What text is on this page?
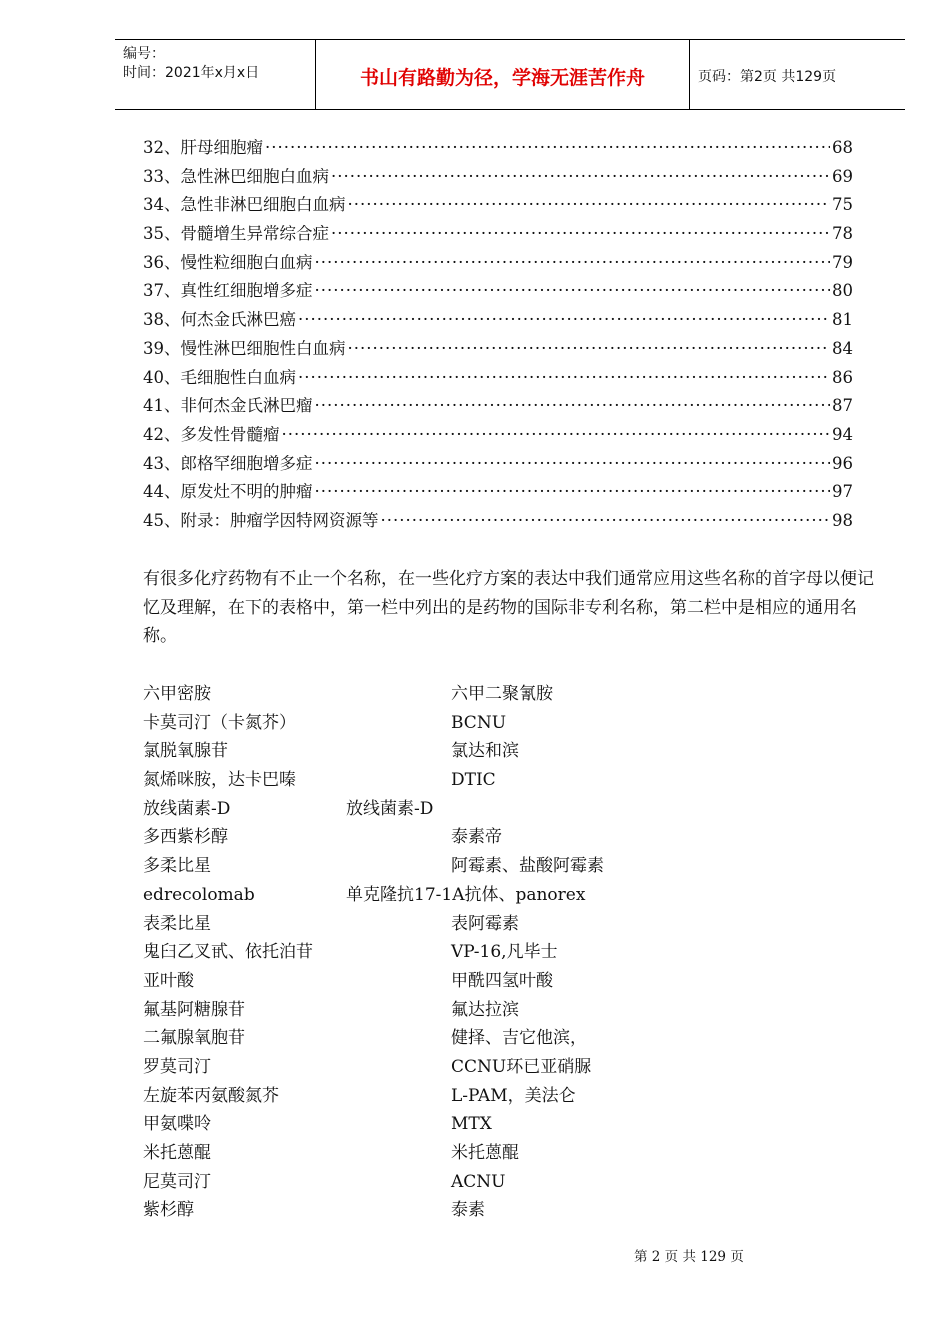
编号：
时间：2021年x月x日	书山有路勤为径，学海无涯苦作舟	页码：第2页 共129页
32、肝母细胞瘤 ·····	68
33、急性淋巴细胞白血病 ·····	69
34、急性非淋巴细胞白血病 ·····	75
35、骨髓增生异常综合症 ·····	78
36、慢性粒细胞白血病 ·····	79
37、真性红细胞增多症 ·····	80
38、何杰金氏淋巴癌 ·····	81
39、慢性淋巴细胞性白血病 ·····	84
40、毛细胞性白血病 ·····	86
41、非何杰金氏淋巴瘤 ·····	87
42、多发性骨髓瘤 ·····	94
43、郎格罕细胞增多症 ·····	96
44、原发灶不明的肿瘤 ·····	97
45、附录：肿瘤学因特网资源等 ·····	98
有很多化疗药物有不止一个名称，在一些化疗方案的表达中我们通常应用这些名称的首字母以便记忆及理解，在下的表格中，第一栏中列出的是药物的国际非专利名称，第二栏中是相应的通用名称。
六甲密胺	六甲二聚氰胺
卡莫司汀（卡氮芥）	BCNU
氯脱氧腺苷	氯达和滨
氮烯咪胺，达卡巴嗪	DTIC
放线菌素-D	放线菌素-D
多西紫杉醇	泰素帝
多柔比星	阿霉素、盐酸阿霉素
edrecolomab	单克隆抗17-1A抗体、panorex
表柔比星	表阿霉素
鬼臼乙叉甙、依托泊苷	VP-16,凡毕士
亚叶酸	甲酰四氢叶酸
氟基阿糖腺苷	氟达拉滨
二氟腺氧胞苷	健择、吉它他滨，
罗莫司汀	CCNU环已亚硝脲
左旋苯丙氨酸氮芥	L-PAM，美法仑
甲氨喋呤	MTX
米托蒽醌	米托蒽醌
尼莫司汀	ACNU
紫杉醇	泰素
第 2 页 共 129 页
